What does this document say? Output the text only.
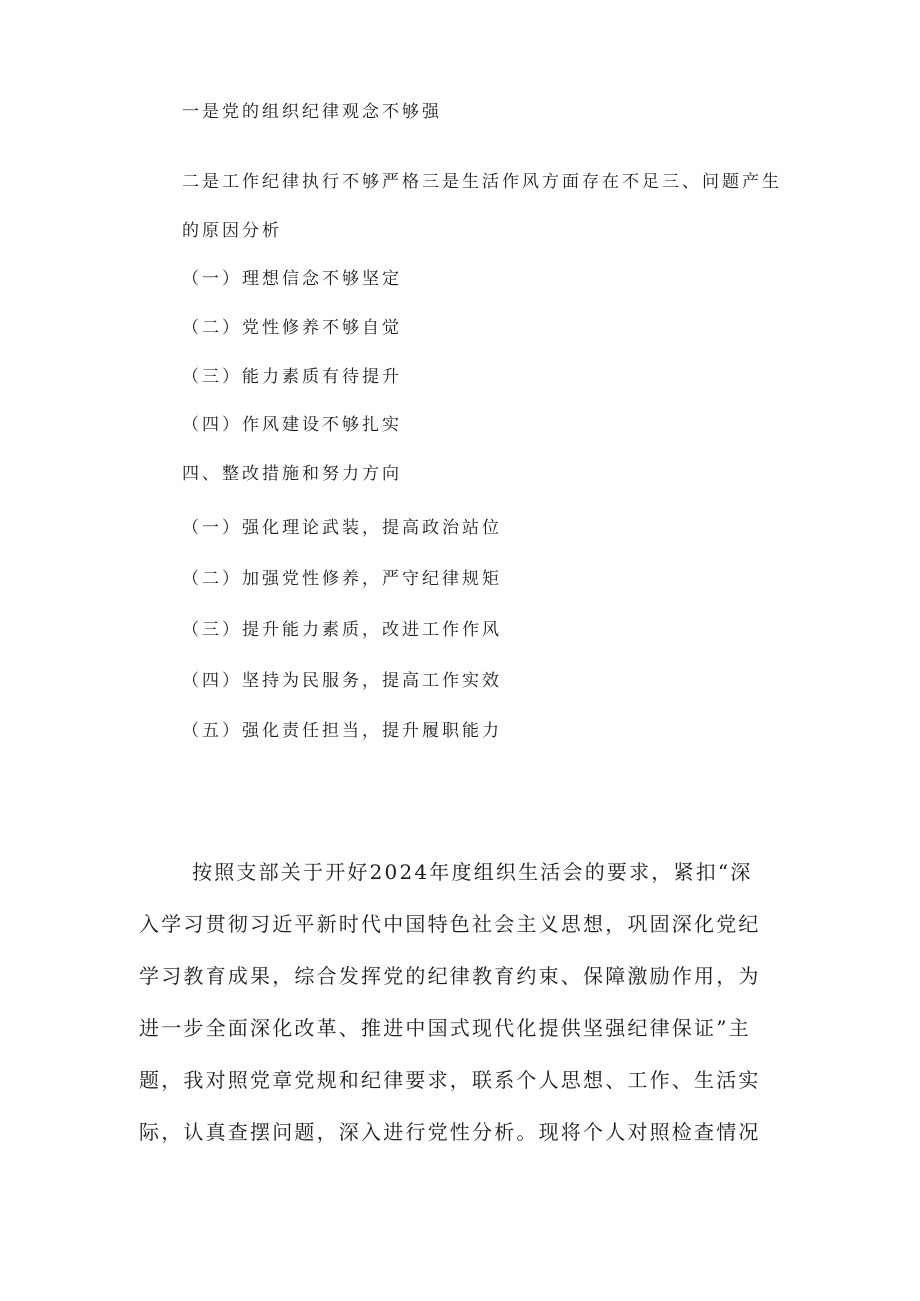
一是党的组织纪律观念不够强
二是工作纪律执行不够严格三是生活作风方面存在不足三、问题产生
的原因分析
（一）理想信念不够坚定
（二）党性修养不够自觉
（三）能力素质有待提升
（四）作风建设不够扎实
四、整改措施和努力方向
（一）强化理论武装，提高政治站位
（二）加强党性修养，严守纪律规矩
（三）提升能力素质，改进工作作风
（四）坚持为民服务，提高工作实效
（五）强化责任担当，提升履职能力
按照支部关于开好2024年度组织生活会的要求，紧扣“深
入学习贯彻习近平新时代中国特色社会主义思想，巩固深化党纪
学习教育成果，综合发挥党的纪律教育约束、保障激励作用，为
进一步全面深化改革、推进中国式现代化提供坚强纪律保证”主
题，我对照党章党规和纪律要求，联系个人思想、工作、生活实
际，认真查摆问题，深入进行党性分析。现将个人对照检查情况
